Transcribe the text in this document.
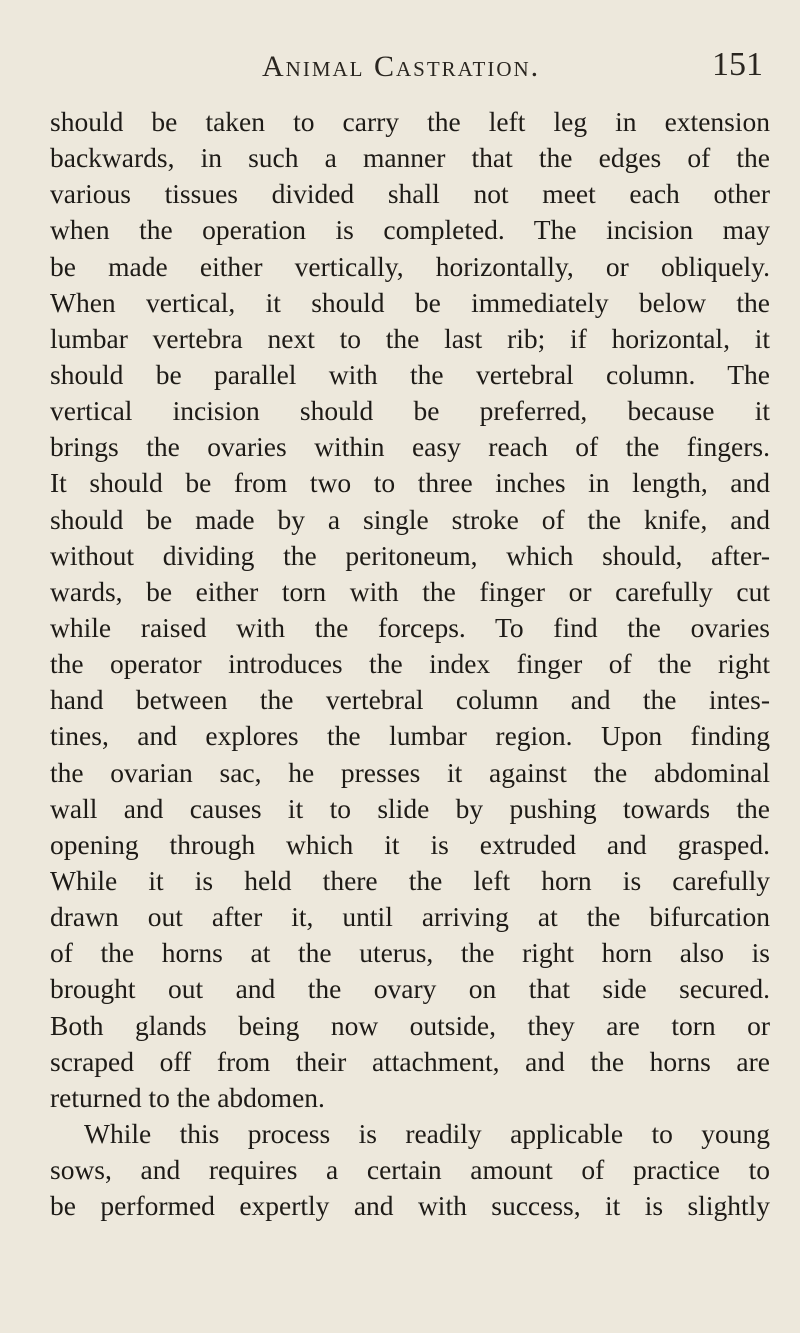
Animal Castration.	151
should be taken to carry the left leg in extension
backwards, in such a manner that the edges of the
various tissues divided shall not meet each other
when the operation is completed. The incision may
be made either vertically, horizontally, or obliquely.
When vertical, it should be immediately below the
lumbar vertebra next to the last rib; if horizontal, it
should be parallel with the vertebral column. The
vertical incision should be preferred, because it
brings the ovaries within easy reach of the fingers.
It should be from two to three inches in length, and
should be made by a single stroke of the knife, and
without dividing the peritoneum, which should, after-
wards, be either torn with the finger or carefully cut
while raised with the forceps. To find the ovaries
the operator introduces the index finger of the right
hand between the vertebral column and the intes-
tines, and explores the lumbar region. Upon finding
the ovarian sac, he presses it against the abdominal
wall and causes it to slide by pushing towards the
opening through which it is extruded and grasped.
While it is held there the left horn is carefully
drawn out after it, until arriving at the bifurcation
of the horns at the uterus, the right horn also is
brought out and the ovary on that side secured.
Both glands being now outside, they are torn or
scraped off from their attachment, and the horns are
returned to the abdomen.
While this process is readily applicable to young
sows, and requires a certain amount of practice to
be performed expertly and with success, it is slightly
